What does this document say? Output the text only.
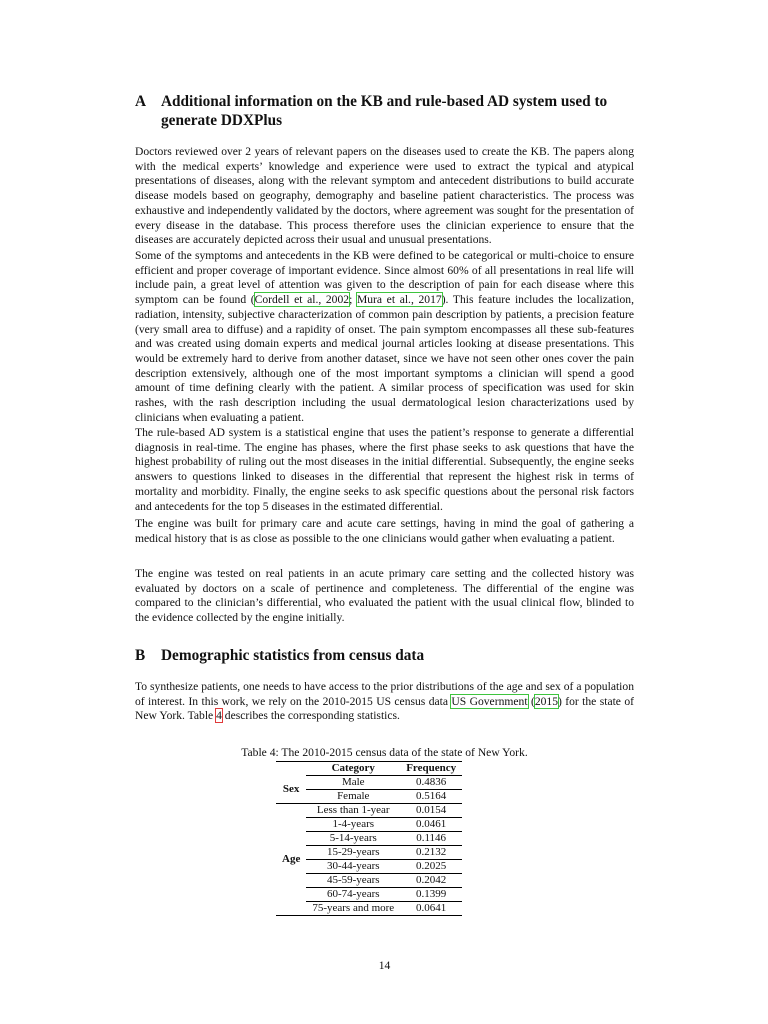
A Additional information on the KB and rule-based AD system used to generate DDXPlus

Doctors reviewed over 2 years of relevant papers on the diseases used to create the KB. The papers along with the medical experts’ knowledge and experience were used to extract the typical and atypical presentations of diseases, along with the relevant symptom and antecedent distributions to build accurate disease models based on geography, demography and baseline patient characteristics. The process was exhaustive and independently validated by the doctors, where agreement was sought for the presentation of every disease in the database. This process therefore uses the clinician experience to ensure that the diseases are accurately depicted across their usual and unusual presentations.

Some of the symptoms and antecedents in the KB were defined to be categorical or multi-choice to ensure efficient and proper coverage of important evidence. Since almost 60% of all presentations in real life will include pain, a great level of attention was given to the description of pain for each disease where this symptom can be found (Cordell et al., 2002; Mura et al., 2017). This feature includes the localization, radiation, intensity, subjective characterization of common pain description by patients, a precision feature (very small area to diffuse) and a rapidity of onset. The pain symptom encompasses all these sub-features and was created using domain experts and medical journal articles looking at disease presentations. This would be extremely hard to derive from another dataset, since we have not seen other ones cover the pain description extensively, although one of the most important symptoms a clinician will spend a good amount of time defining clearly with the patient. A similar process of specification was used for skin rashes, with the rash description including the usual dermatological lesion characterizations used by clinicians when evaluating a patient.

The rule-based AD system is a statistical engine that uses the patient’s response to generate a differential diagnosis in real-time. The engine has phases, where the first phase seeks to ask questions that have the highest probability of ruling out the most diseases in the initial differential. Subsequently, the engine seeks answers to questions linked to diseases in the differential that represent the highest risk in terms of mortality and morbidity. Finally, the engine seeks to ask specific questions about the personal risk factors and antecedents for the top 5 diseases in the estimated differential.

The engine was built for primary care and acute care settings, having in mind the goal of gathering a medical history that is as close as possible to the one clinicians would gather when evaluating a patient.

The engine was tested on real patients in an acute primary care setting and the collected history was evaluated by doctors on a scale of pertinence and completeness. The differential of the engine was compared to the clinician’s differential, who evaluated the patient with the usual clinical flow, blinded to the evidence collected by the engine initially.

B	Demographic statistics from census data

To synthesize patients, one needs to have access to the prior distributions of the age and sex of a population of interest. In this work, we rely on the 2010-2015 US census data US Government (2015) for the state of New York. Table 4 describes the corresponding statistics.

Table 4: The 2010-2015 census data of the state of New York.
	Category	Frequency
Sex	Male	0.4836
	Female	0.5164
Age	Less than 1-year	0.0154
	1-4-years	0.0461
	5-14-years	0.1146
	15-29-years	0.2132
	30-44-years	0.2025
	45-59-years	0.2042
	60-74-years	0.1399
	75-years and more	0.0641
14
